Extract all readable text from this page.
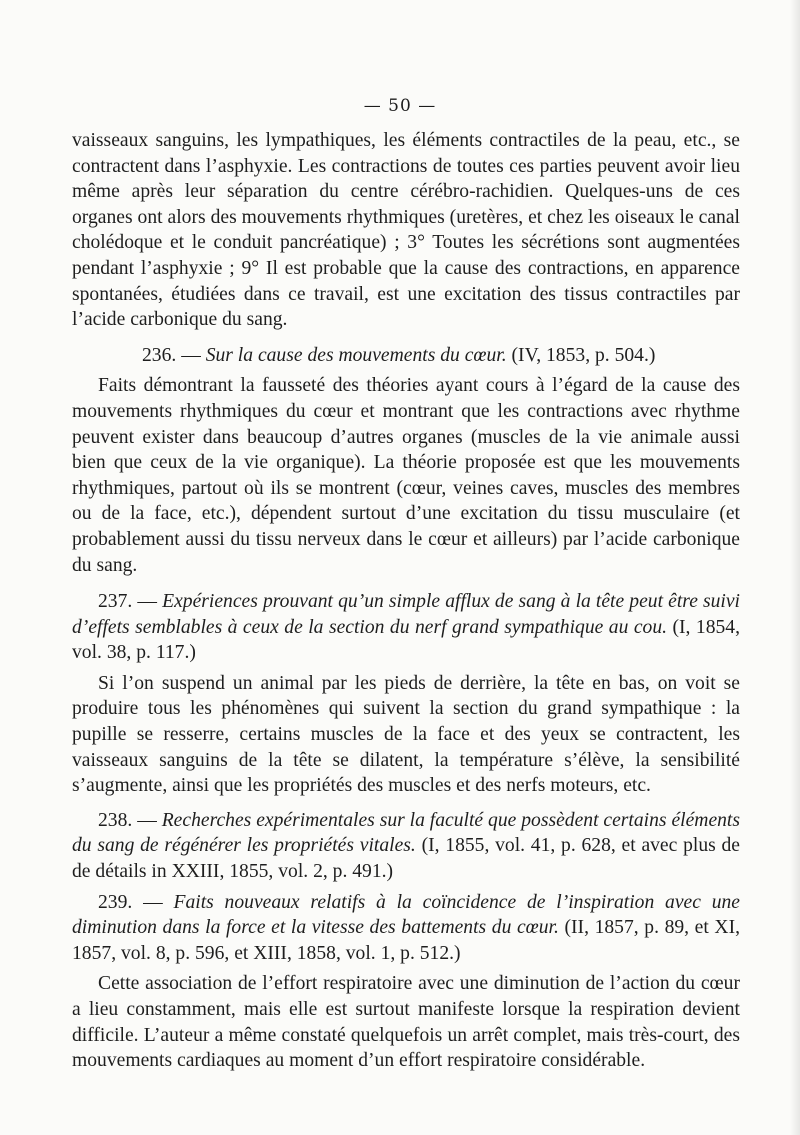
— 50 —

vaisseaux sanguins, les lympathiques, les éléments contractiles de la peau, etc., se contractent dans l’asphyxie. Les contractions de toutes ces parties peuvent avoir lieu même après leur séparation du centre cérébro-rachidien. Quelques-uns de ces organes ont alors des mouvements rhythmiques (uretères, et chez les oiseaux le canal cholédoque et le conduit pancréatique) ; 3° Toutes les sécrétions sont augmentées pendant l’asphyxie ; 9° Il est probable que la cause des contractions, en apparence spontanées, étudiées dans ce travail, est une excitation des tissus contractiles par l’acide carbonique du sang.

236. — Sur la cause des mouvements du cœur. (IV, 1853, p. 504.)

Faits démontrant la fausseté des théories ayant cours à l’égard de la cause des mouvements rhythmiques du cœur et montrant que les contractions avec rhythme peuvent exister dans beaucoup d’autres organes (muscles de la vie animale aussi bien que ceux de la vie organique). La théorie proposée est que les mouvements rhythmiques, partout où ils se montrent (cœur, veines caves, muscles des membres ou de la face, etc.), dépendent surtout d’une excitation du tissu musculaire (et probablement aussi du tissu nerveux dans le cœur et ailleurs) par l’acide carbonique du sang.

237. — Expériences prouvant qu’un simple afflux de sang à la tête peut être suivi d’effets semblables à ceux de la section du nerf grand sympathique au cou. (I, 1854, vol. 38, p. 117.)

Si l’on suspend un animal par les pieds de derrière, la tête en bas, on voit se produire tous les phénomènes qui suivent la section du grand sympathique : la pupille se resserre, certains muscles de la face et des yeux se contractent, les vaisseaux sanguins de la tête se dilatent, la température s’élève, la sensibilité s’augmente, ainsi que les propriétés des muscles et des nerfs moteurs, etc.

238. — Recherches expérimentales sur la faculté que possèdent certains éléments du sang de régénérer les propriétés vitales. (I, 1855, vol. 41, p. 628, et avec plus de de détails in XXIII, 1855, vol. 2, p. 491.)

239. — Faits nouveaux relatifs à la coïncidence de l’inspiration avec une diminution dans la force et la vitesse des battements du cœur. (II, 1857, p. 89, et XI, 1857, vol. 8, p. 596, et XIII, 1858, vol. 1, p. 512.)

Cette association de l’effort respiratoire avec une diminution de l’action du cœur a lieu constamment, mais elle est surtout manifeste lorsque la respiration devient difficile. L’auteur a même constaté quelquefois un arrêt complet, mais très-court, des mouvements cardiaques au moment d’un effort respiratoire considérable.
